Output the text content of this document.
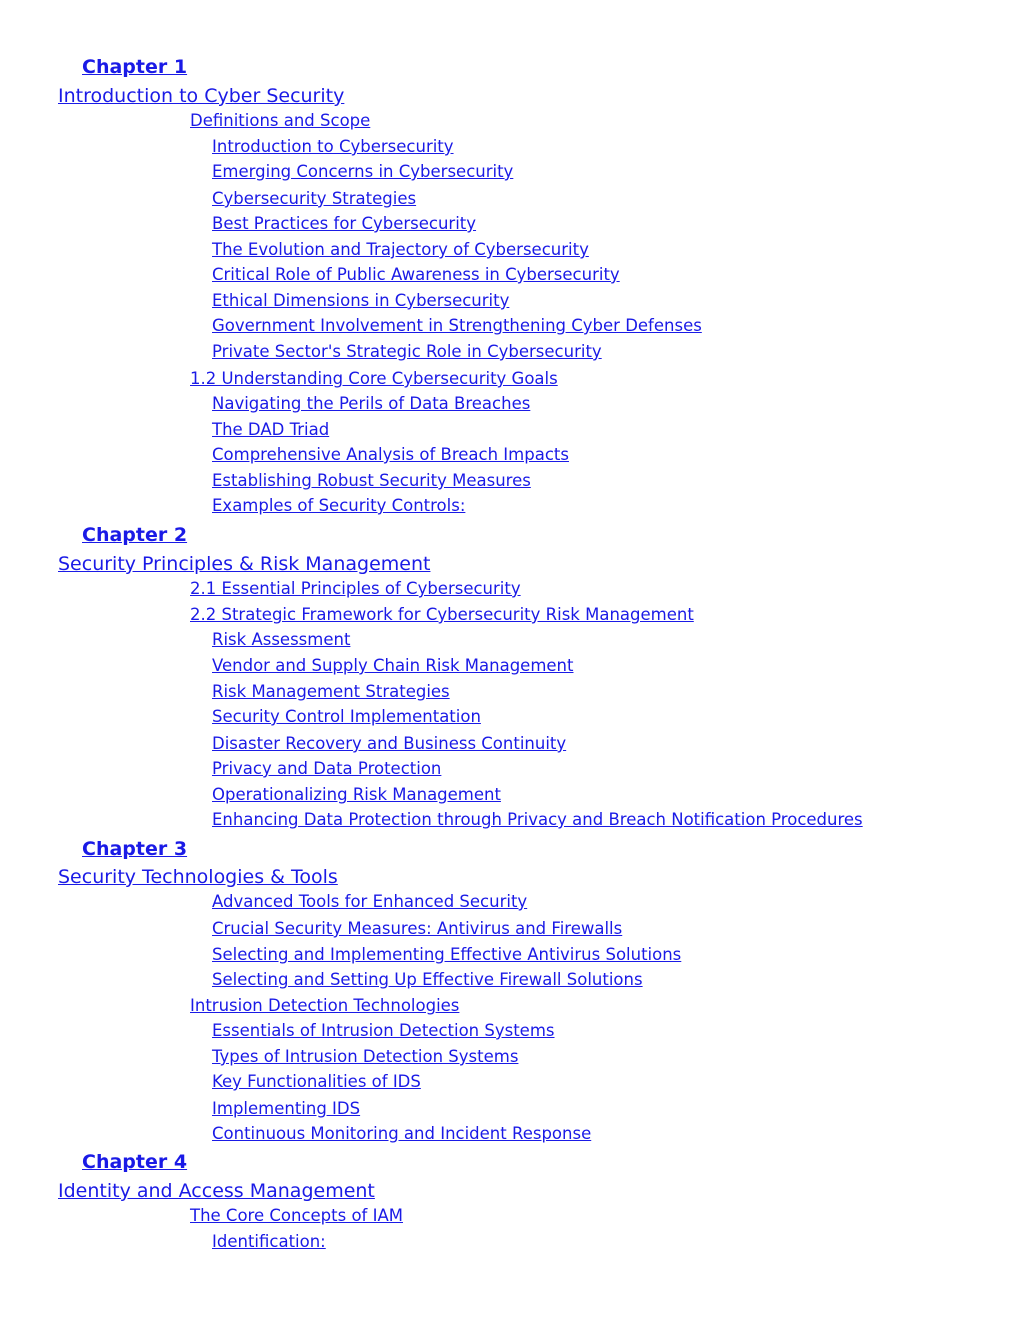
Chapter 1
Introduction to Cyber Security
Definitions and Scope
Introduction to Cybersecurity
Emerging Concerns in Cybersecurity
Cybersecurity Strategies
Best Practices for Cybersecurity
The Evolution and Trajectory of Cybersecurity
Critical Role of Public Awareness in Cybersecurity
Ethical Dimensions in Cybersecurity
Government Involvement in Strengthening Cyber Defenses
Private Sector's Strategic Role in Cybersecurity
1.2 Understanding Core Cybersecurity Goals
Navigating the Perils of Data Breaches
The DAD Triad
Comprehensive Analysis of Breach Impacts
Establishing Robust Security Measures
Examples of Security Controls:
Chapter 2
Security Principles & Risk Management
2.1 Essential Principles of Cybersecurity
2.2 Strategic Framework for Cybersecurity Risk Management
Risk Assessment
Vendor and Supply Chain Risk Management
Risk Management Strategies
Security Control Implementation
Disaster Recovery and Business Continuity
Privacy and Data Protection
Operationalizing Risk Management
Enhancing Data Protection through Privacy and Breach Notification Procedures
Chapter 3
Security Technologies & Tools
Advanced Tools for Enhanced Security
Crucial Security Measures: Antivirus and Firewalls
Selecting and Implementing Effective Antivirus Solutions
Selecting and Setting Up Effective Firewall Solutions
Intrusion Detection Technologies
Essentials of Intrusion Detection Systems
Types of Intrusion Detection Systems
Key Functionalities of IDS
Implementing IDS
Continuous Monitoring and Incident Response
Chapter 4
Identity and Access Management
The Core Concepts of IAM
Identification:
